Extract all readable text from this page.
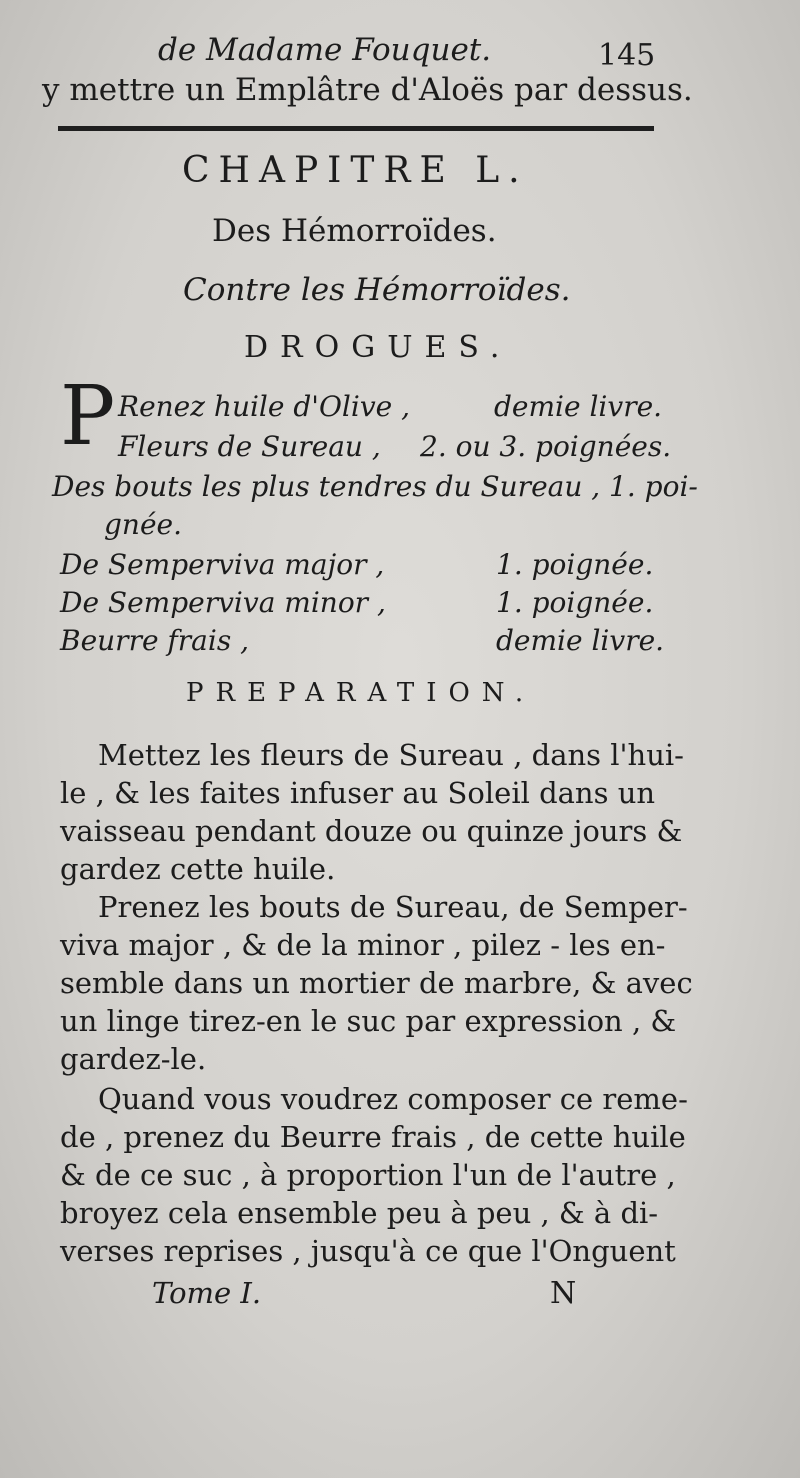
de Madame Fouquet.	145
y mettre un Emplâtre d'Aloës par dessus.
CHAPITRE L.
Des Hémorroïdes.
Contre les Hémorroïdes.
DROGUES.
P Renez huile d'Olive ,	demie livre.
Fleurs de Sureau , 2. ou 3. poignées.
Des bouts les plus tendres du Sureau , 1. poi-
gnée.
De Semperviva major ,	1. poignée.
De Semperviva minor ,	1. poignée.
Beurre frais ,	demie livre.
PREPARATION.
Mettez les fleurs de Sureau , dans l'hui-
le , & les faites infuser au Soleil dans un
vaisseau pendant douze ou quinze jours &
gardez cette huile.
Prenez les bouts de Sureau, de Semper-
viva major , & de la minor , pilez - les en-
semble dans un mortier de marbre, & avec
un linge tirez-en le suc par expression , &
gardez-le.
Quand vous voudrez composer ce reme-
de , prenez du Beurre frais , de cette huile
& de ce suc , à proportion l'un de l'autre ,
broyez cela ensemble peu à peu , & à di-
verses reprises , jusqu'à ce que l'Onguent
Tome I.	N
